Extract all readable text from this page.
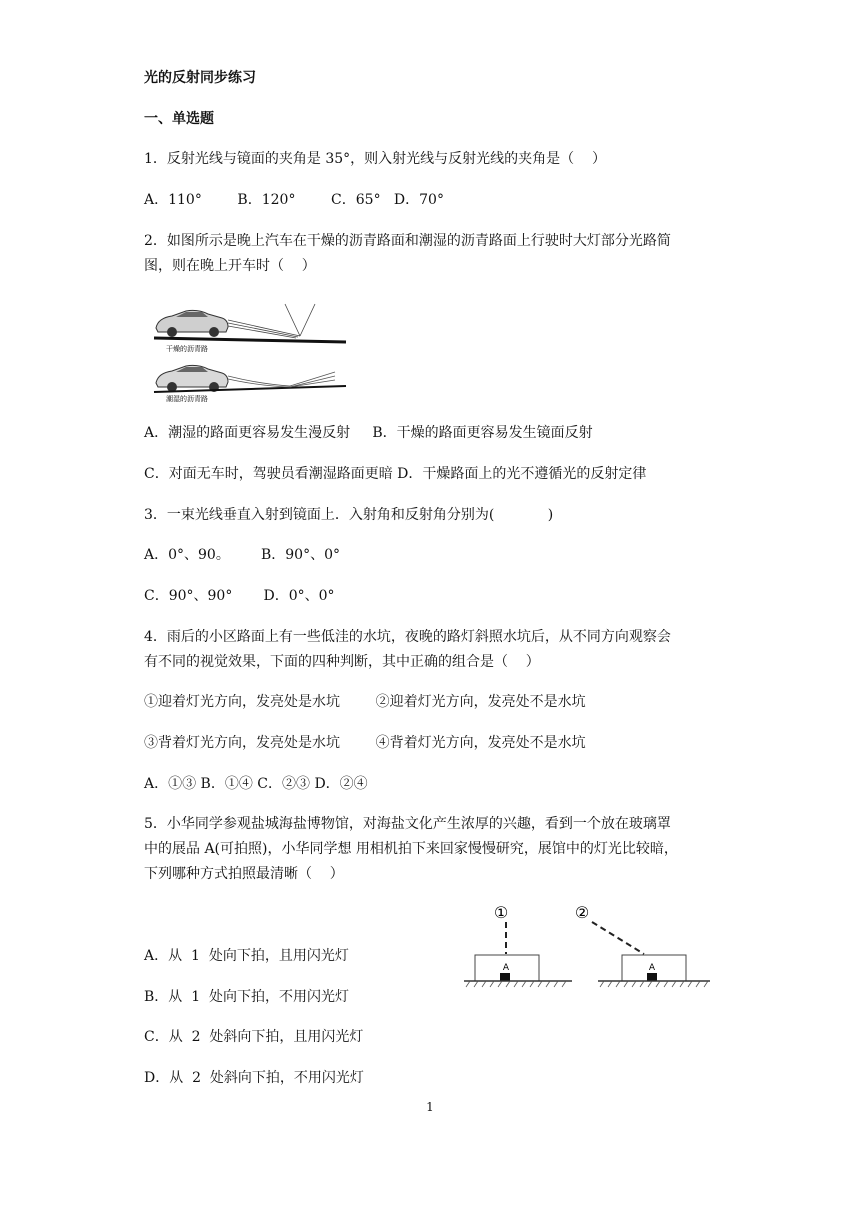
光的反射同步练习
一、单选题
1．反射光线与镜面的夹角是 35°，则入射光线与反射光线的夹角是（    ）
A．110°        B．120°        C．65°   D．70°
2．如图所示是晚上汽车在干燥的沥青路面和潮湿的沥青路面上行驶时大灯部分光路简
图，则在晚上开车时（    ）
干燥的沥青路
潮湿的沥青路
A．潮湿的路面更容易发生漫反射     B．干燥的路面更容易发生镜面反射
C．对面无车时，驾驶员看潮湿路面更暗 D．干燥路面上的光不遵循光的反射定律
3．一束光线垂直入射到镜面上．入射角和反射角分别为(            )
A．0°、90。       B．90°、0°
C．90°、90°       D．0°、0°
4．雨后的小区路面上有一些低洼的水坑，夜晚的路灯斜照水坑后，从不同方向观察会
有不同的视觉效果，下面的四种判断，其中正确的组合是（    ）
①迎着灯光方向，发亮处是水坑        ②迎着灯光方向，发亮处不是水坑
③背着灯光方向，发亮处是水坑        ④背着灯光方向，发亮处不是水坑
A．①③ B．①④ C．②③ D．②④
5．小华同学参观盐城海盐博物馆，对海盐文化产生浓厚的兴趣，看到一个放在玻璃罩
中的展品 A(可拍照)，小华同学想 用相机拍下来回家慢慢研究，展馆中的灯光比较暗，
下列哪种方式拍照最清晰（    ）
A．从  1  处向下拍，且用闪光灯
B．从  1  处向下拍，不用闪光灯
C．从  2  处斜向下拍，且用闪光灯
D．从  2  处斜向下拍，不用闪光灯
①
A
②
A
1
